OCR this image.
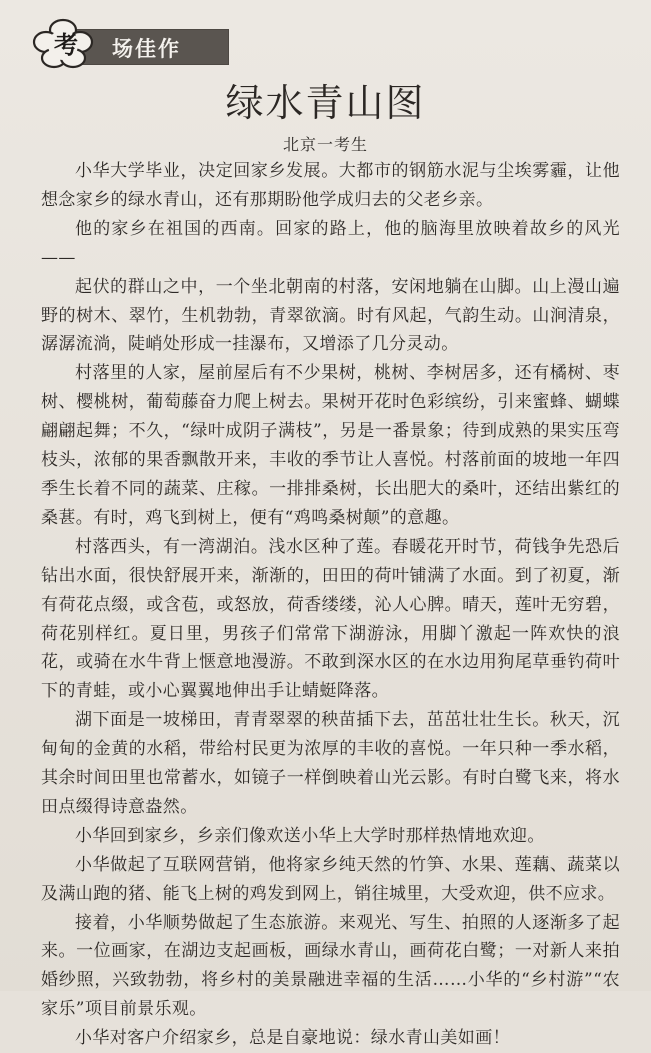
考 场佳作
绿水青山图
北京一考生

小华大学毕业，决定回家乡发展。大都市的钢筋水泥与尘埃雾霾，让他想念家乡的绿水青山，还有那期盼他学成归去的父老乡亲。

他的家乡在祖国的西南。回家的路上，他的脑海里放映着故乡的风光——

起伏的群山之中，一个坐北朝南的村落，安闲地躺在山脚。山上漫山遍野的树木、翠竹，生机勃勃，青翠欲滴。时有风起，气韵生动。山涧清泉，潺潺流淌，陡峭处形成一挂瀑布，又增添了几分灵动。

村落里的人家，屋前屋后有不少果树，桃树、李树居多，还有橘树、枣树、樱桃树，葡萄藤奋力爬上树去。果树开花时色彩缤纷，引来蜜蜂、蝴蝶翩翩起舞；不久，“绿叶成阴子满枝”，另是一番景象；待到成熟的果实压弯枝头，浓郁的果香飘散开来，丰收的季节让人喜悦。村落前面的坡地一年四季生长着不同的蔬菜、庄稼。一排排桑树，长出肥大的桑叶，还结出紫红的桑葚。有时，鸡飞到树上，便有“鸡鸣桑树颠”的意趣。

村落西头，有一湾湖泊。浅水区种了莲。春暖花开时节，荷钱争先恐后钻出水面，很快舒展开来，渐渐的，田田的荷叶铺满了水面。到了初夏，渐有荷花点缀，或含苞，或怒放，荷香缕缕，沁人心脾。晴天，莲叶无穷碧，荷花别样红。夏日里，男孩子们常常下湖游泳，用脚丫激起一阵欢快的浪花，或骑在水牛背上惬意地漫游。不敢到深水区的在水边用狗尾草垂钓荷叶下的青蛙，或小心翼翼地伸出手让蜻蜓降落。

湖下面是一坡梯田，青青翠翠的秧苗插下去，茁茁壮壮生长。秋天，沉甸甸的金黄的水稻，带给村民更为浓厚的丰收的喜悦。一年只种一季水稻，其余时间田里也常蓄水，如镜子一样倒映着山光云影。有时白鹭飞来，将水田点缀得诗意盎然。

小华回到家乡，乡亲们像欢送小华上大学时那样热情地欢迎。

小华做起了互联网营销，他将家乡纯天然的竹笋、水果、莲藕、蔬菜以及满山跑的猪、能飞上树的鸡发到网上，销往城里，大受欢迎，供不应求。

接着，小华顺势做起了生态旅游。来观光、写生、拍照的人逐渐多了起来。一位画家，在湖边支起画板，画绿水青山，画荷花白鹭；一对新人来拍婚纱照，兴致勃勃，将乡村的美景融进幸福的生活……小华的“乡村游”“农家乐”项目前景乐观。

小华对客户介绍家乡，总是自豪地说：绿水青山美如画！
